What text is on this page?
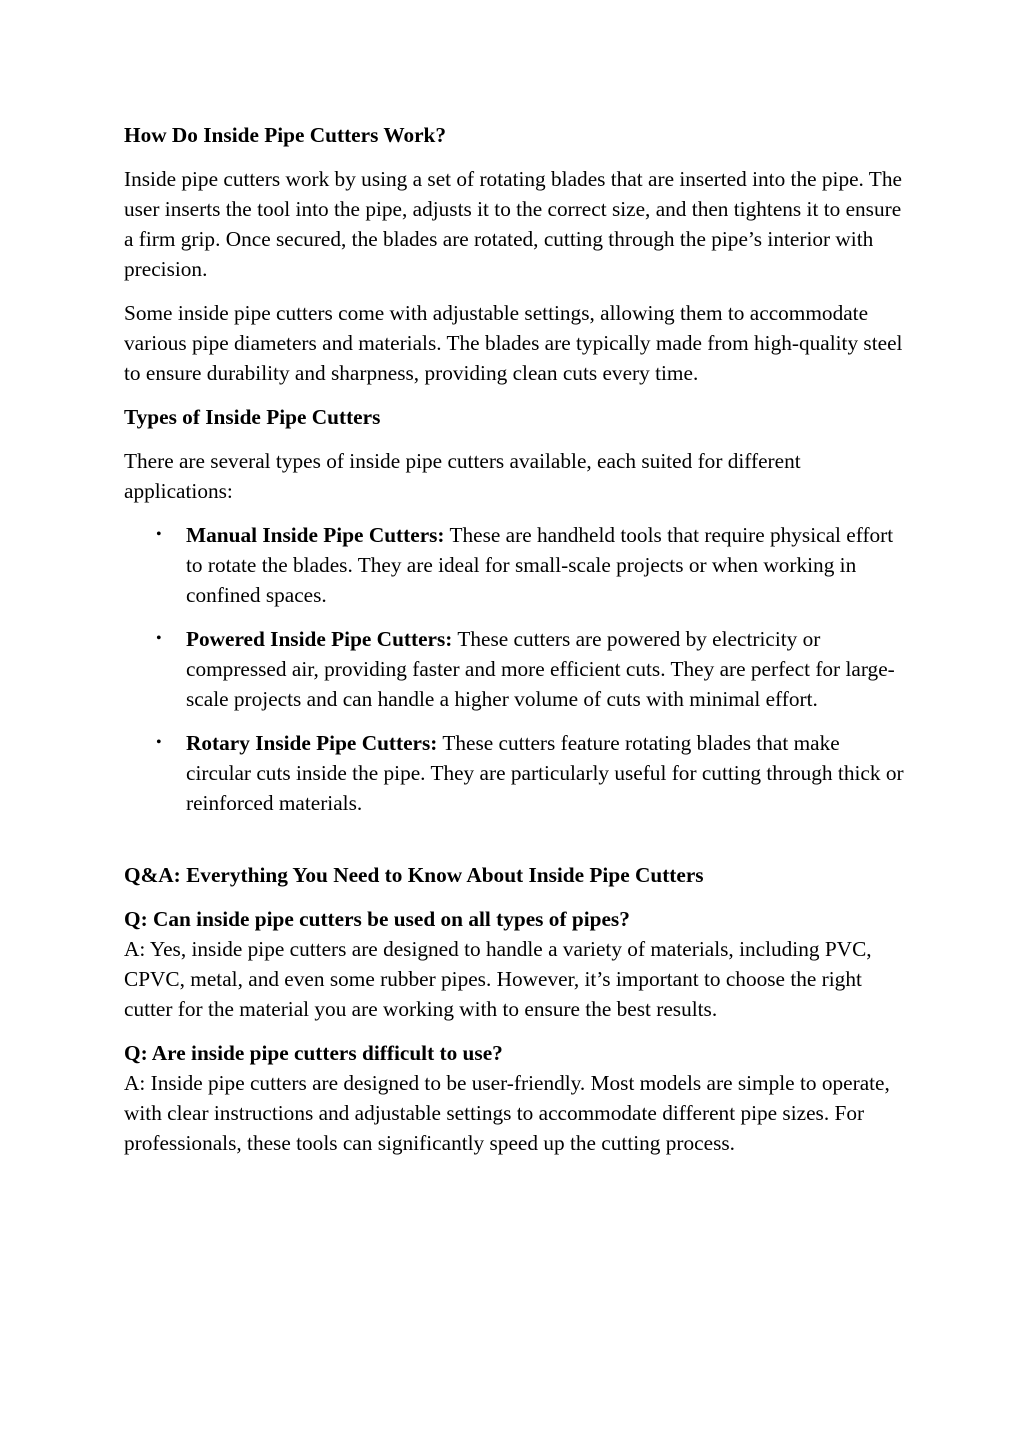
How Do Inside Pipe Cutters Work?

Inside pipe cutters work by using a set of rotating blades that are inserted into the pipe. The user inserts the tool into the pipe, adjusts it to the correct size, and then tightens it to ensure a firm grip. Once secured, the blades are rotated, cutting through the pipe’s interior with precision.

Some inside pipe cutters come with adjustable settings, allowing them to accommodate various pipe diameters and materials. The blades are typically made from high-quality steel to ensure durability and sharpness, providing clean cuts every time.

Types of Inside Pipe Cutters

There are several types of inside pipe cutters available, each suited for different applications:

• Manual Inside Pipe Cutters: These are handheld tools that require physical effort to rotate the blades. They are ideal for small-scale projects or when working in confined spaces.
• Powered Inside Pipe Cutters: These cutters are powered by electricity or compressed air, providing faster and more efficient cuts. They are perfect for large-scale projects and can handle a higher volume of cuts with minimal effort.
• Rotary Inside Pipe Cutters: These cutters feature rotating blades that make circular cuts inside the pipe. They are particularly useful for cutting through thick or reinforced materials.
Q&A: Everything You Need to Know About Inside Pipe Cutters
Q: Can inside pipe cutters be used on all types of pipes?
A: Yes, inside pipe cutters are designed to handle a variety of materials, including PVC, CPVC, metal, and even some rubber pipes. However, it’s important to choose the right cutter for the material you are working with to ensure the best results.
Q: Are inside pipe cutters difficult to use?
A: Inside pipe cutters are designed to be user-friendly. Most models are simple to operate, with clear instructions and adjustable settings to accommodate different pipe sizes. For professionals, these tools can significantly speed up the cutting process.
